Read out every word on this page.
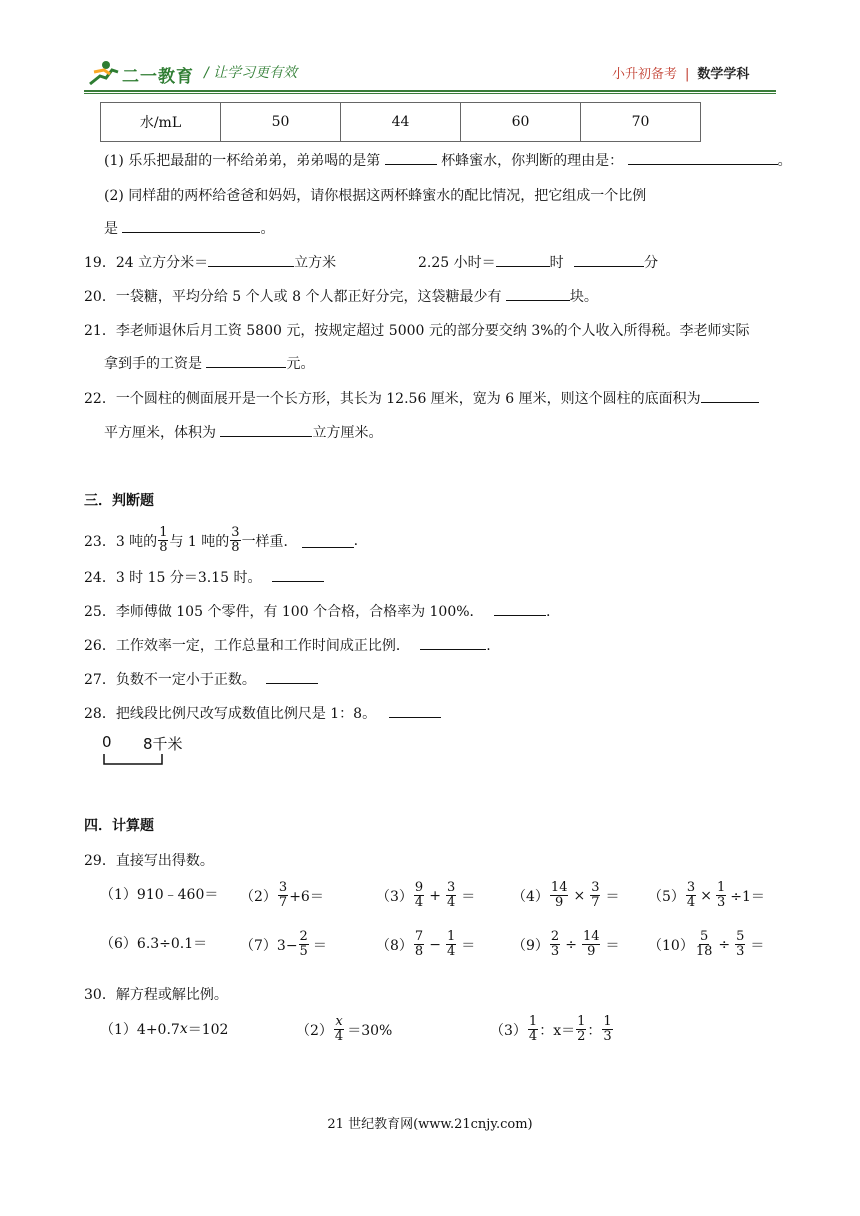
二一教育 / 让学习更有效	小升初备考 | 数学学科
水/mL	50	44	60	70
(1) 乐乐把最甜的一杯给弟弟，弟弟喝的是第	杯蜂蜜水，你判断的理由是：	。
(2) 同样甜的两杯给爸爸和妈妈，请你根据这两杯蜂蜜水的配比情况，把它组成一个比例
是	。
19．24 立方分米＝	立方米	2.25 小时＝	时	分
20．一袋糖，平均分给 5 个人或 8 个人都正好分完，这袋糖最少有	块。
21．李老师退休后月工资 5800 元，按规定超过 5000 元的部分要交纳 3%的个人收入所得税。李老师实际
拿到手的工资是	元。
22．一个圆柱的侧面展开是一个长方形，其长为 12.56 厘米，宽为 6 厘米，则这个圆柱的底面积为
平方厘米，体积为	立方厘米。
三．判断题
23． 3 吨的 $\frac{1}{8}$ 与 1 吨的 $\frac{3}{8}$ 一样重．	.
24．3 时 15 分＝3.15 时。
25．李师傅做 105 个零件，有 100 个合格，合格率为 100%．	.
26．工作效率一定，工作总量和工作时间成正比例．	.
27．负数不一定小于正数。
28．把线段比例尺改写成数值比例尺是 1：8。
0 8千米
四．计算题
29．直接写出得数。
（1）910﹣460＝ $(2) \frac{3}{7} +6=$	$(3) \frac{9}{4} + \frac{3}{4}$ ＝	$(4) \frac{14}{9} \times \frac{3}{7} = (5) \frac{3}{4} \times \frac{1}{3} \div 1=$
$(6)6.3\div 0.1= (7)3- \frac{2}{5}$ ＝	$(8) \frac{7}{8} - \frac{1}{4}$ ＝	$(9) \frac{2}{3} \div \frac{14}{9} = (10) \frac{5}{18} \div \frac{5}{3}$ ＝
30．解方程或解比例。
（1）4+0.7 x ＝102	$(2) \frac{x}{4} =30\%$	$(3) \frac{1}{4}$ ：$x= \frac{1}{2}$ ： $\frac{1}{3}$
21 世纪教育网(www.21cnjy.com)
